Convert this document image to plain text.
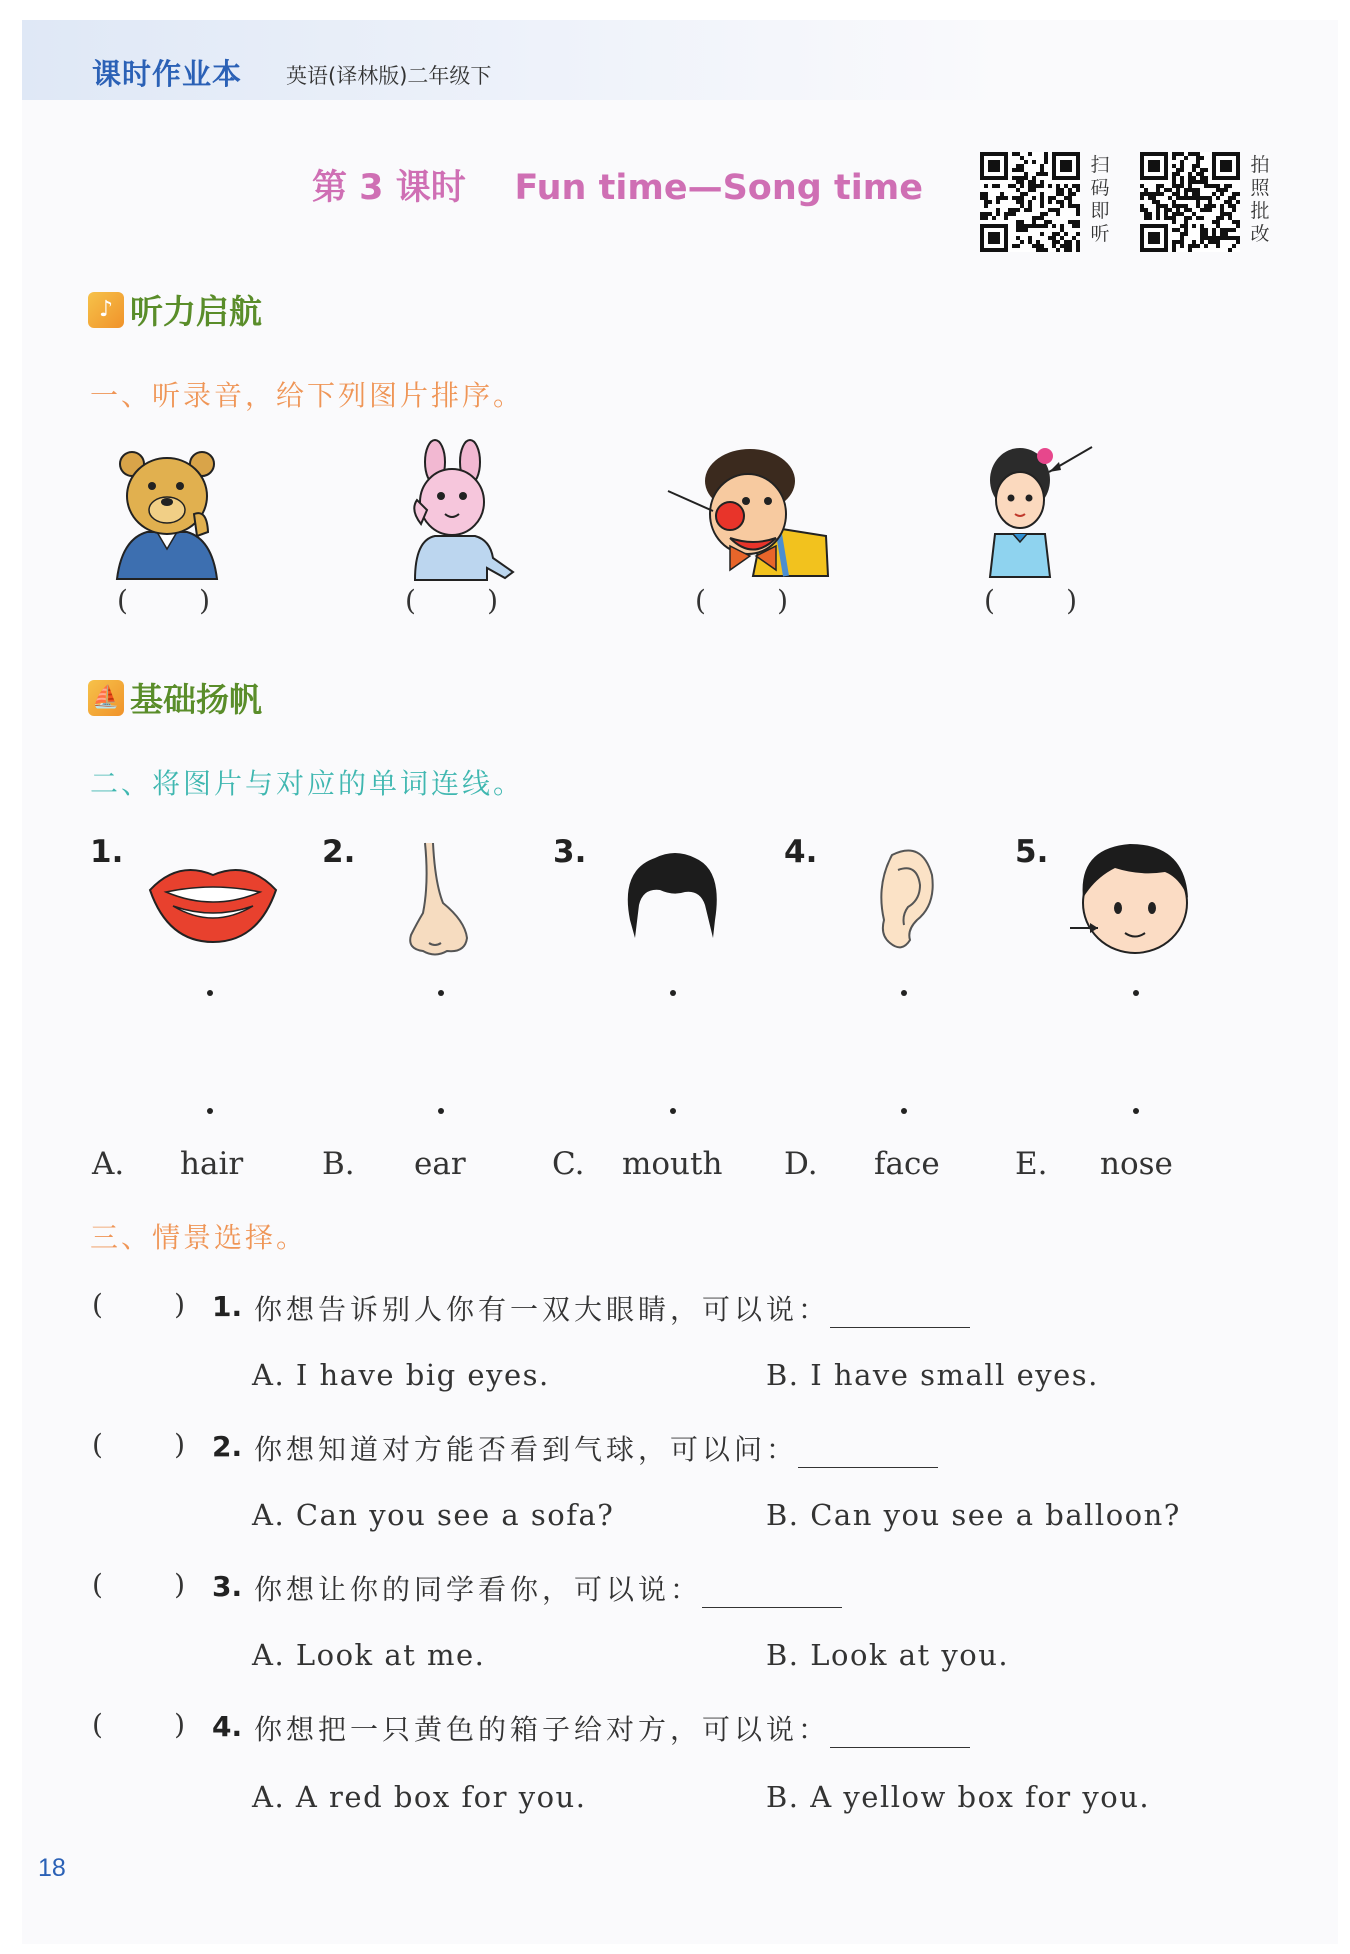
课时作业本 英语(译林版)二年级下
第 3 课时    Fun time—Song time
扫码即听
拍照批改
♪ 听力启航
一、听录音，给下列图片排序。
(        )	(        )	(        )	(        )
⛵ 基础扬帆
二、将图片与对应的单词连线。
1.	2.	3.	4.	5.
A. hair	B. ear	C. mouth D. face E. nose
三、情景选择。
(        ) 1. 你想告诉别人你有一双大眼睛，可以说：
A. I have big eyes.	B. I have small eyes.
(        ) 2. 你想知道对方能否看到气球，可以问：
A. Can you see a sofa?	B. Can you see a balloon?
(        ) 3. 你想让你的同学看你，可以说：
A. Look at me.	B. Look at you.
(        ) 4. 你想把一只黄色的箱子给对方，可以说：
A. A red box for you.	B. A yellow box for you.
18
